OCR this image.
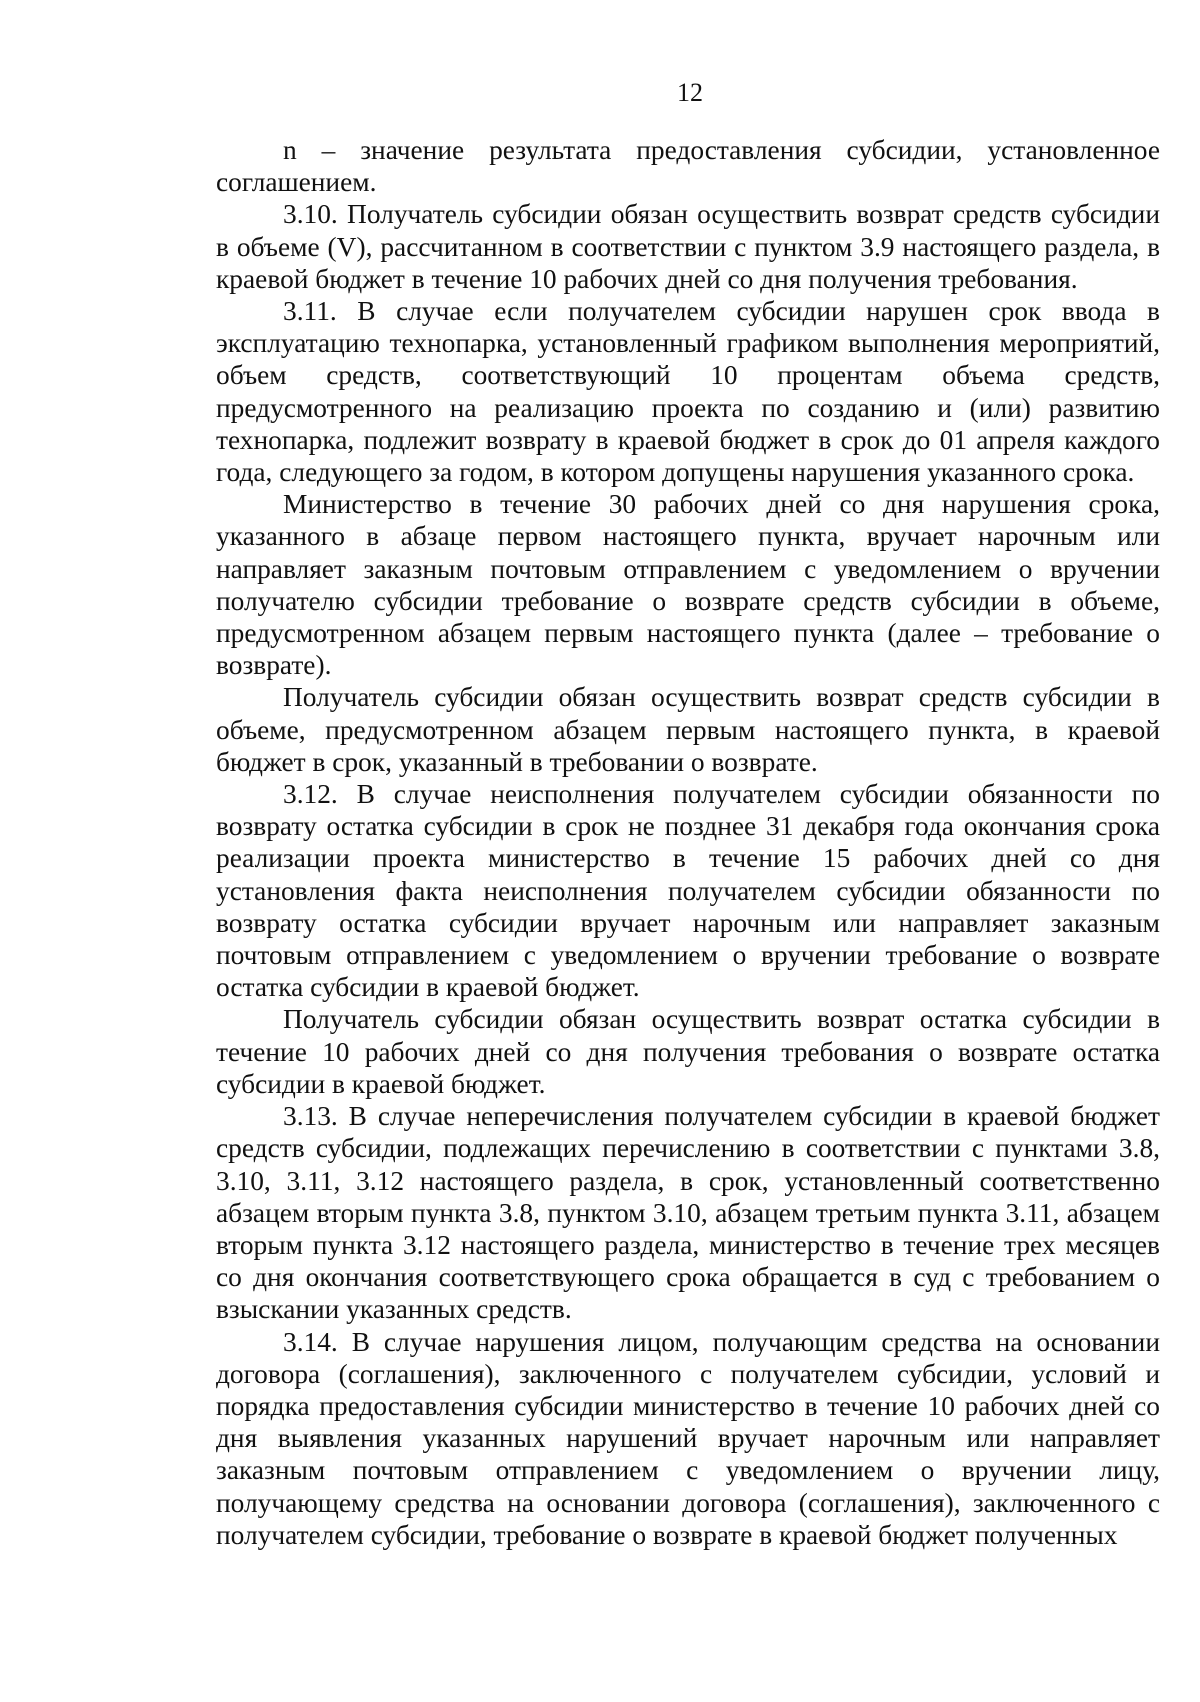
12

n – значение результата предоставления субсидии, установленное соглашением.

3.10. Получатель субсидии обязан осуществить возврат средств субсидии в объеме (V), рассчитанном в соответствии с пунктом 3.9 настоящего раздела, в краевой бюджет в течение 10 рабочих дней со дня получения требования.

3.11. В случае если получателем субсидии нарушен срок ввода в эксплуатацию технопарка, установленный графиком выполнения мероприятий, объем средств, соответствующий 10 процентам объема средств, предусмотренного на реализацию проекта по созданию и (или) развитию технопарка, подлежит возврату в краевой бюджет в срок до 01 апреля каждого года, следующего за годом, в котором допущены нарушения указанного срока.

Министерство в течение 30 рабочих дней со дня нарушения срока, указанного в абзаце первом настоящего пункта, вручает нарочным или направляет заказным почтовым отправлением с уведомлением о вручении получателю субсидии требование о возврате средств субсидии в объеме, предусмотренном абзацем первым настоящего пункта (далее – требование о возврате).

Получатель субсидии обязан осуществить возврат средств субсидии в объеме, предусмотренном абзацем первым настоящего пункта, в краевой бюджет в срок, указанный в требовании о возврате.

3.12. В случае неисполнения получателем субсидии обязанности по возврату остатка субсидии в срок не позднее 31 декабря года окончания срока реализации проекта министерство в течение 15 рабочих дней со дня установления факта неисполнения получателем субсидии обязанности по возврату остатка субсидии вручает нарочным или направляет заказным почтовым отправлением с уведомлением о вручении требование о возврате остатка субсидии в краевой бюджет.

Получатель субсидии обязан осуществить возврат остатка субсидии в течение 10 рабочих дней со дня получения требования о возврате остатка субсидии в краевой бюджет.

3.13. В случае неперечисления получателем субсидии в краевой бюджет средств субсидии, подлежащих перечислению в соответствии с пунктами 3.8, 3.10, 3.11, 3.12 настоящего раздела, в срок, установленный соответственно абзацем вторым пункта 3.8, пунктом 3.10, абзацем третьим пункта 3.11, абзацем вторым пункта 3.12 настоящего раздела, министерство в течение трех месяцев со дня окончания соответствующего срока обращается в суд с требованием о взыскании указанных средств.

3.14. В случае нарушения лицом, получающим средства на основании договора (соглашения), заключенного с получателем субсидии, условий и порядка предоставления субсидии министерство в течение 10 рабочих дней со дня выявления указанных нарушений вручает нарочным или направляет заказным почтовым отправлением с уведомлением о вручении лицу, получающему средства на основании договора (соглашения), заключенного с получателем субсидии, требование о возврате в краевой бюджет полученных
